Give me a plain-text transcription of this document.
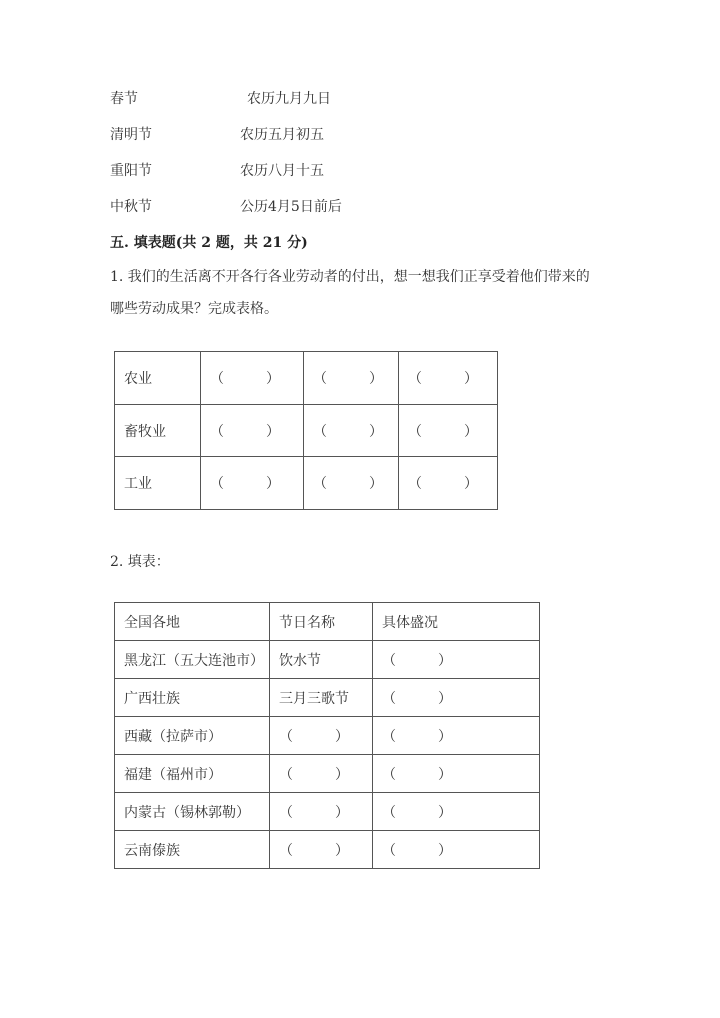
春节	农历九月九日
清明节	农历五月初五
重阳节	农历八月十五
中秋节	公历4月5日前后
五. 填表题(共 2 题，共 21 分)
1. 我们的生活离不开各行各业劳动者的付出，想一想我们正享受着他们带来的
哪些劳动成果？完成表格。
农业	（　　　）	（　　　）	（　　　）
畜牧业	（　　　）	（　　　）	（　　　）
工业	（　　　）	（　　　）	（　　　）
2. 填表：
全国各地	节日名称	具体盛况
黑龙江（五大连池市）	饮水节	（　　　）
广西壮族	三月三歌节	（　　　）
西藏（拉萨市）	（　　　）	（　　　）
福建（福州市）	（　　　）	（　　　）
内蒙古（锡林郭勒）	（　　　）	（　　　）
云南傣族	（　　　）	（　　　）
